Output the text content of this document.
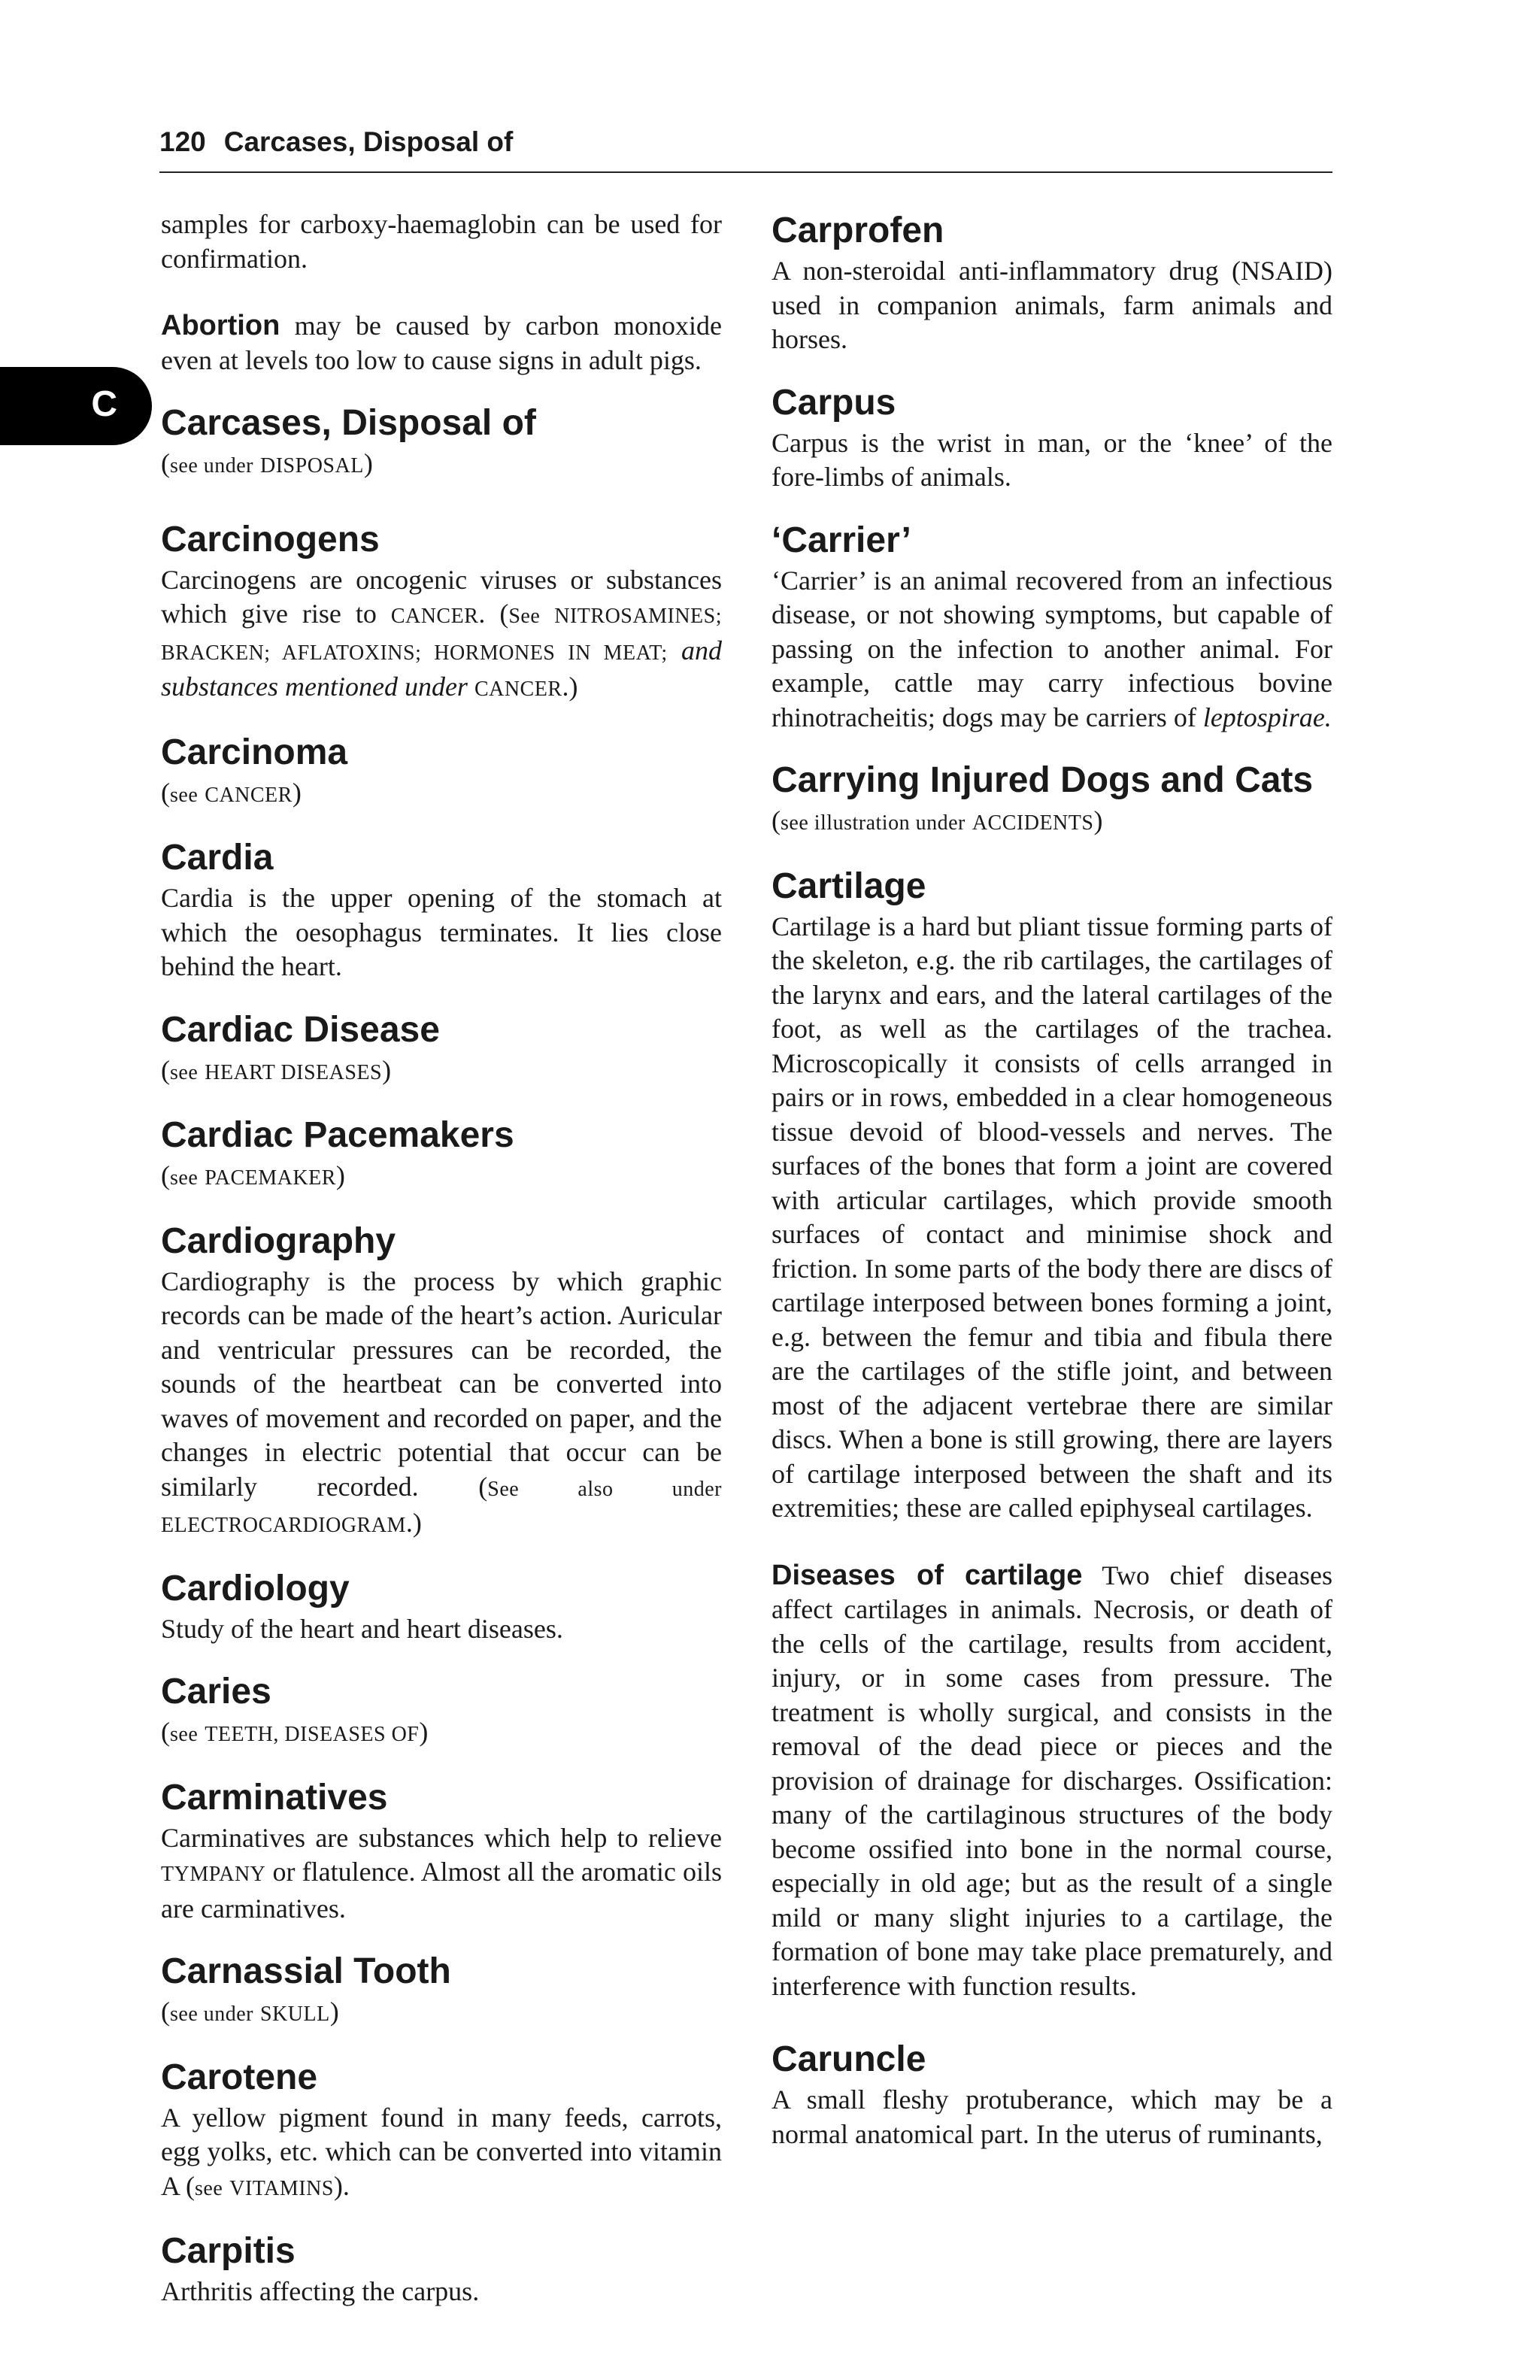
120 Carcases, Disposal of
C

samples for carboxy-haemaglobin can be used for confirmation.

Abortion may be caused by carbon monoxide even at levels too low to cause signs in adult pigs.

Carcases, Disposal of

(see under DISPOSAL)

Carcinogens

Carcinogens are oncogenic viruses or substances which give rise to CANCER. (See NITROSAMINES; BRACKEN; AFLATOXINS; HORMONES IN MEAT; and substances mentioned under CANCER.)

Carcinoma

(see CANCER)

Cardia

Cardia is the upper opening of the stomach at which the oesophagus terminates. It lies close behind the heart.

Cardiac Disease

(see HEART DISEASES)

Cardiac Pacemakers

(see PACEMAKER)

Cardiography

Cardiography is the process by which graphic records can be made of the heart’s action. Auricular and ventricular pressures can be recorded, the sounds of the heartbeat can be converted into waves of movement and recorded on paper, and the changes in electric potential that occur can be similarly recorded. (See also under ELECTROCARDIOGRAM.)

Cardiology

Study of the heart and heart diseases.

Caries

(see TEETH, DISEASES OF)

Carminatives

Carminatives are substances which help to relieve TYMPANY or flatulence. Almost all the aromatic oils are carminatives.

Carnassial Tooth

(see under SKULL)

Carotene

A yellow pigment found in many feeds, carrots, egg yolks, etc. which can be converted into vitamin A (see VITAMINS).

Carpitis

Arthritis affecting the carpus.

Carprofen

A non-steroidal anti-inflammatory drug (NSAID) used in companion animals, farm animals and horses.

Carpus

Carpus is the wrist in man, or the ‘knee’ of the fore-limbs of animals.

‘Carrier’

‘Carrier’ is an animal recovered from an infectious disease, or not showing symptoms, but capable of passing on the infection to another animal. For example, cattle may carry infectious bovine rhinotracheitis; dogs may be carriers of leptospirae.

Carrying Injured Dogs and Cats

(see illustration under ACCIDENTS)

Cartilage

Cartilage is a hard but pliant tissue forming parts of the skeleton, e.g. the rib cartilages, the cartilages of the larynx and ears, and the lateral cartilages of the foot, as well as the cartilages of the trachea. Microscopically it consists of cells arranged in pairs or in rows, embedded in a clear homogeneous tissue devoid of blood-vessels and nerves. The surfaces of the bones that form a joint are covered with articular cartilages, which provide smooth surfaces of contact and minimise shock and friction. In some parts of the body there are discs of cartilage interposed between bones forming a joint, e.g. between the femur and tibia and fibula there are the cartilages of the stifle joint, and between most of the adjacent vertebrae there are similar discs. When a bone is still growing, there are layers of cartilage interposed between the shaft and its extremities; these are called epiphyseal cartilages.

Diseases of cartilage Two chief diseases affect cartilages in animals. Necrosis, or death of the cells of the cartilage, results from accident, injury, or in some cases from pressure. The treatment is wholly surgical, and consists in the removal of the dead piece or pieces and the provision of drainage for discharges. Ossification: many of the cartilaginous structures of the body become ossified into bone in the normal course, especially in old age; but as the result of a single mild or many slight injuries to a cartilage, the formation of bone may take place prematurely, and interference with function results.

Caruncle

A small fleshy protuberance, which may be a normal anatomical part. In the uterus of ruminants,
